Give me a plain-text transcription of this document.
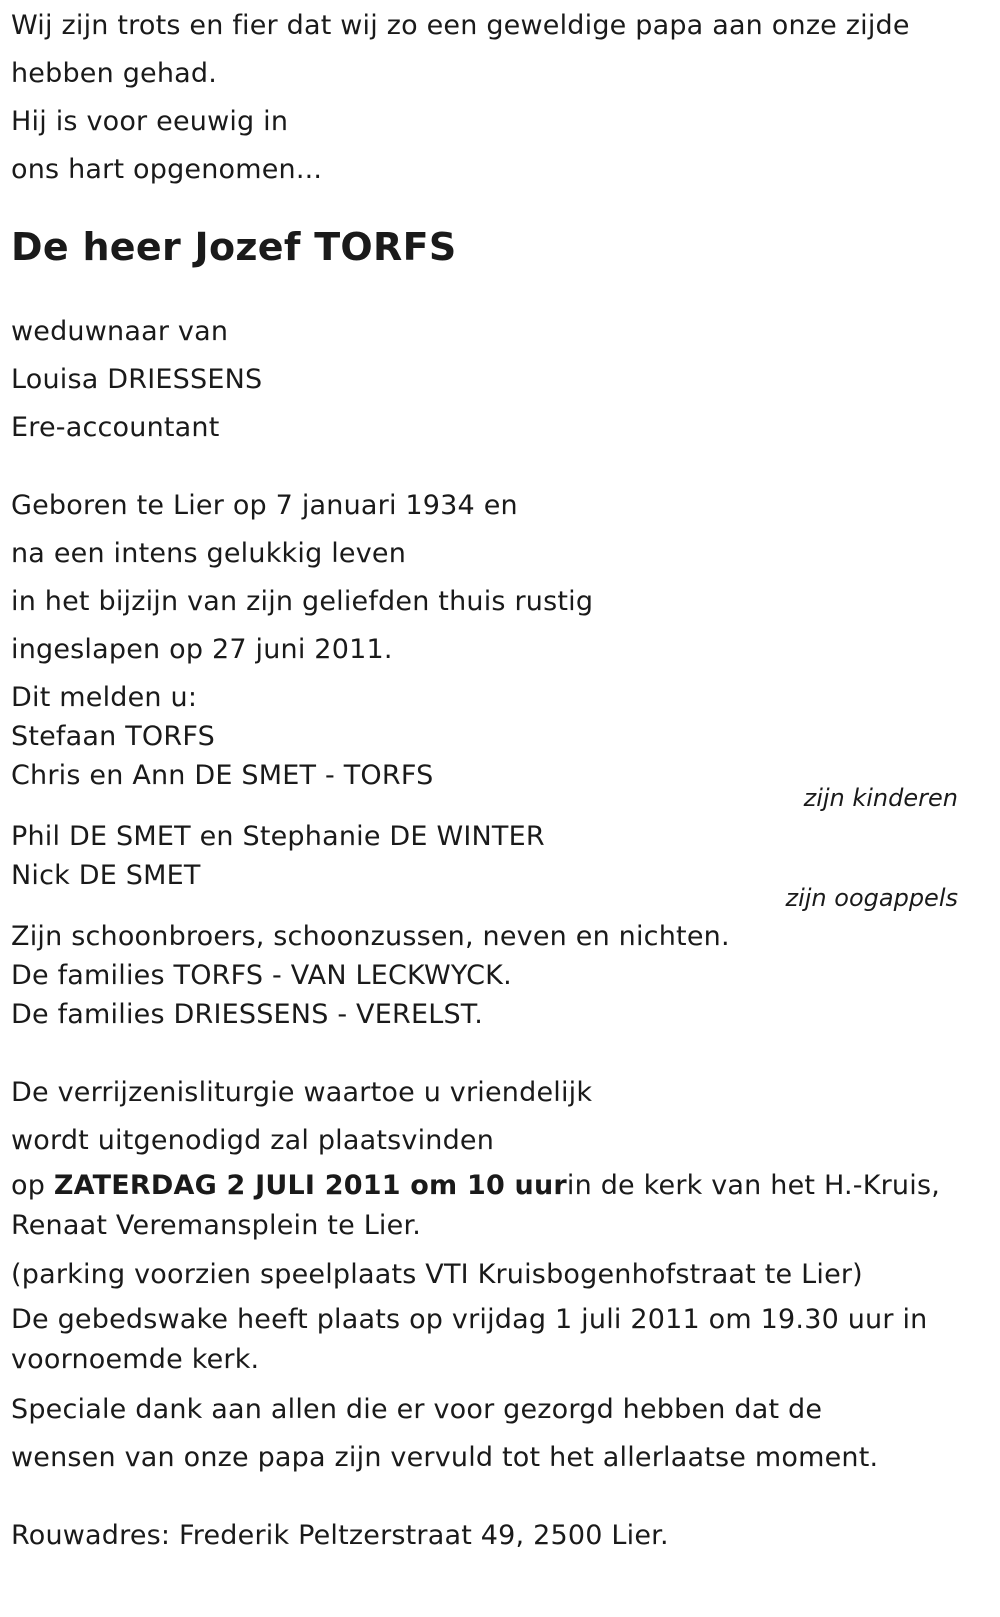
Wij zijn trots en fier dat wij zo een geweldige papa aan onze zijde
hebben gehad.
Hij is voor eeuwig in
ons hart opgenomen...
De heer Jozef TORFS
weduwnaar van
Louisa DRIESSENS
Ere-accountant
Geboren te Lier op 7 januari 1934 en
na een intens gelukkig leven
in het bijzijn van zijn geliefden thuis rustig
ingeslapen op 27 juni 2011.
Dit melden u:
Stefaan TORFS
Chris en Ann DE SMET - TORFS
zijn kinderen
Phil DE SMET en Stephanie DE WINTER
Nick DE SMET
zijn oogappels
Zijn schoonbroers, schoonzussen, neven en nichten.
De families TORFS - VAN LECKWYCK.
De families DRIESSENS - VERELST.
De verrijzenisliturgie waartoe u vriendelijk
wordt uitgenodigd zal plaatsvinden
op ZATERDAG 2 JULI 2011 om 10 uurin de kerk van het H.-Kruis, Renaat Veremansplein te Lier.
(parking voorzien speelplaats VTI Kruisbogenhofstraat te Lier)
De gebedswake heeft plaats op vrijdag 1 juli 2011 om 19.30 uur in voornoemde kerk.
Speciale dank aan allen die er voor gezorgd hebben dat de
wensen van onze papa zijn vervuld tot het allerlaatse moment.
Rouwadres: Frederik Peltzerstraat 49, 2500 Lier.
